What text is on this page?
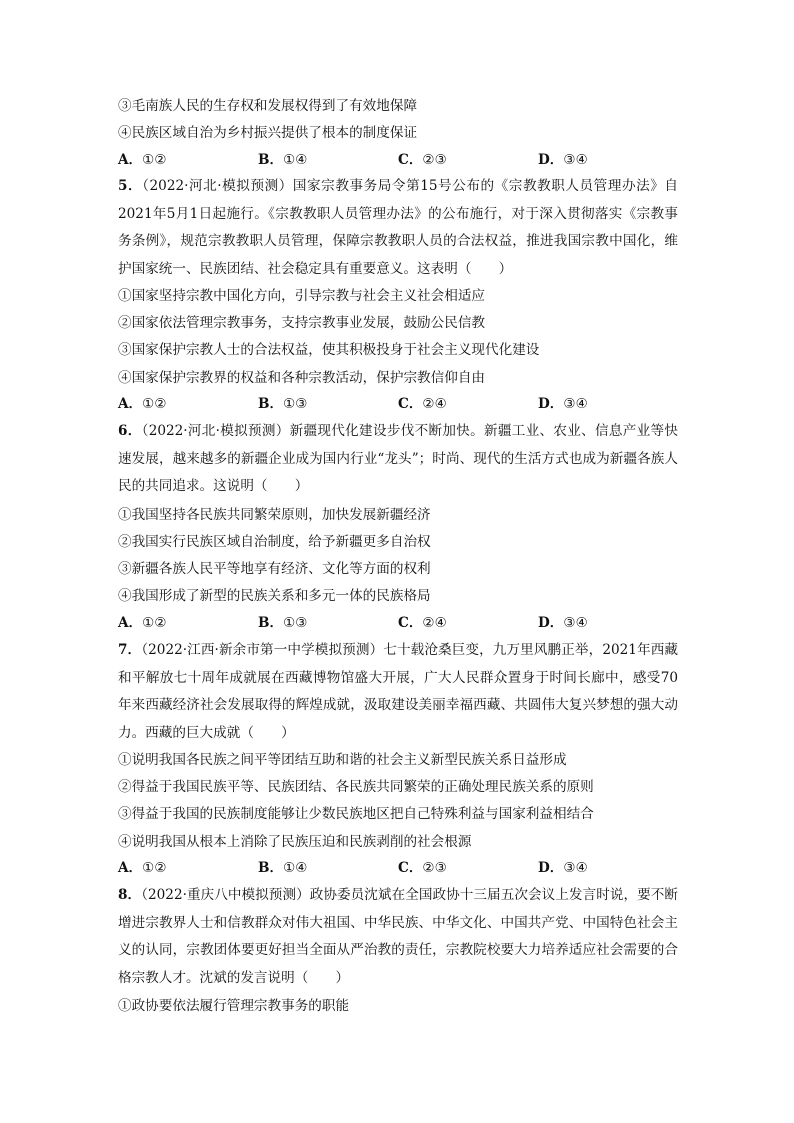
③毛南族人民的生存权和发展权得到了有效地保障
④民族区域自治为乡村振兴提供了根本的制度保证
A．①②	B．①④	C．②③	D．③④
5．（2022·河北·模拟预测）国家宗教事务局令第15号公布的《宗教教职人员管理办法》自2021年5月1日起施行。《宗教教职人员管理办法》的公布施行，对于深入贯彻落实《宗教事务条例》，规范宗教教职人员管理，保障宗教教职人员的合法权益，推进我国宗教中国化，维护国家统一、民族团结、社会稳定具有重要意义。这表明（　　）
①国家坚持宗教中国化方向，引导宗教与社会主义社会相适应
②国家依法管理宗教事务，支持宗教事业发展，鼓励公民信教
③国家保护宗教人士的合法权益，使其积极投身于社会主义现代化建设
④国家保护宗教界的权益和各种宗教活动，保护宗教信仰自由
A．①②	B．①③	C．②④	D．③④
6．（2022·河北·模拟预测）新疆现代化建设步伐不断加快。新疆工业、农业、信息产业等快速发展，越来越多的新疆企业成为国内行业“龙头”；时尚、现代的生活方式也成为新疆各族人民的共同追求。这说明（　　）
①我国坚持各民族共同繁荣原则，加快发展新疆经济
②我国实行民族区域自治制度，给予新疆更多自治权
③新疆各族人民平等地享有经济、文化等方面的权利
④我国形成了新型的民族关系和多元一体的民族格局
A．①②	B．①③	C．②④	D．③④
7．（2022·江西·新余市第一中学模拟预测）七十载沧桑巨变，九万里风鹏正举，2021年西藏和平解放七十周年成就展在西藏博物馆盛大开展，广大人民群众置身于时间长廊中，感受70年来西藏经济社会发展取得的辉煌成就，汲取建设美丽幸福西藏、共圆伟大复兴梦想的强大动力。西藏的巨大成就（　　）
①说明我国各民族之间平等团结互助和谐的社会主义新型民族关系日益形成
②得益于我国民族平等、民族团结、各民族共同繁荣的正确处理民族关系的原则
③得益于我国的民族制度能够让少数民族地区把自己特殊利益与国家利益相结合
④说明我国从根本上消除了民族压迫和民族剥削的社会根源
A．①②	B．①④	C．②③	D．③④
8．（2022·重庆八中模拟预测）政协委员沈斌在全国政协十三届五次会议上发言时说，要不断增进宗教界人士和信教群众对伟大祖国、中华民族、中华文化、中国共产党、中国特色社会主义的认同，宗教团体要更好担当全面从严治教的责任，宗教院校要大力培养适应社会需要的合格宗教人才。沈斌的发言说明（　　）
①政协要依法履行管理宗教事务的职能
